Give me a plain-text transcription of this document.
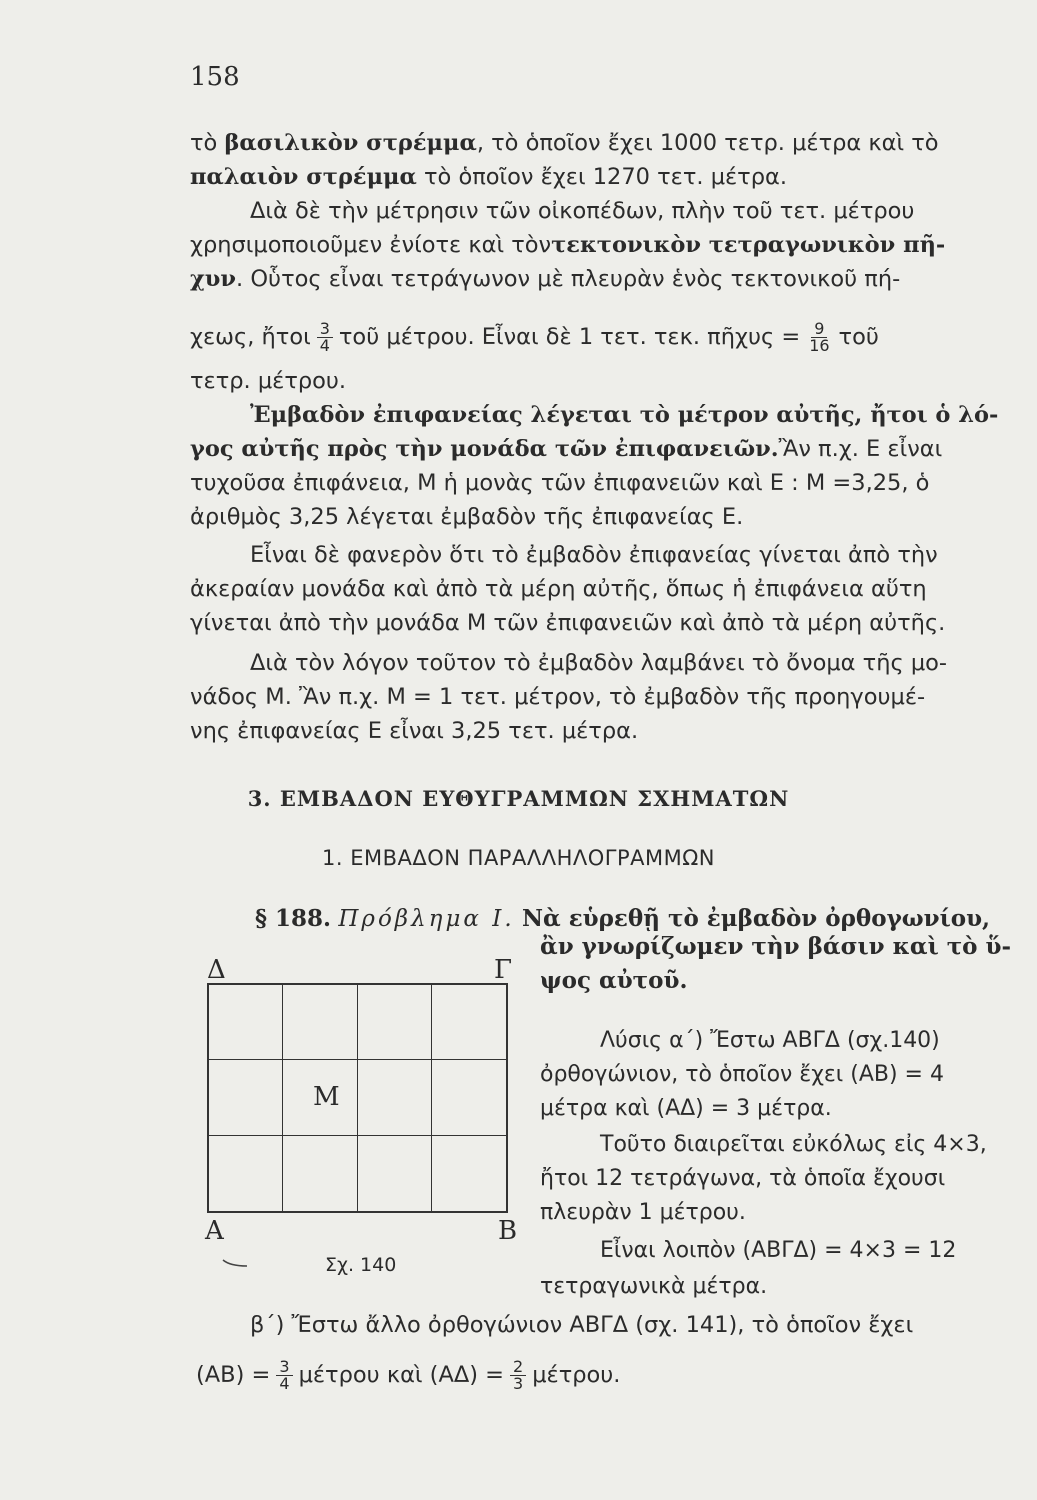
158
τὸ
βασιλικὸν στρέμμα , τὸ ὁποῖον ἔχει 1000 τετρ. μέτρα καὶ τὸ
παλαιὸν στρέμμα
τὸ ὁποῖον ἔχει 1270 τετ. μέτρα.
Διὰ δὲ τὴν μέτρησιν τῶν οἰκοπέδων, πλὴν τοῦ τετ. μέτρου
χρησιμοποιοῦμεν ἐνίοτε καὶ τὸν τεκτονικὸν τετραγωνικὸν πῆ-
χυν . Οὗτος εἶναι τετράγωνον μὲ πλευρὰν ἑνὸς τεκτονικοῦ πή-
χεως, ἤτοι $\frac{3}{4}$ τοῦ μέτρου. Εἶναι δὲ 1 τετ. τεκ. πῆχυς = $\frac{9}{16}$ τοῦ
τετρ. μέτρου.
Ἐμβαδὸν ἐπιφανείας λέγεται τὸ μέτρον αὐτῆς, ἤτοι ὁ λό-
γος αὐτῆς πρὸς τὴν μονάδα τῶν ἐπιφανειῶν. Ἂν π.χ. Ε εἶναι
τυχοῦσα ἐπιφάνεια, Μ ἡ μονὰς τῶν ἐπιφανειῶν καὶ Ε : Μ =3,25, ὁ
ἀριθμὸς 3,25 λέγεται ἐμβαδὸν τῆς ἐπιφανείας Ε.
Εἶναι δὲ φανερὸν ὅτι τὸ ἐμβαδὸν ἐπιφανείας γίνεται ἀπὸ τὴν
ἀκεραίαν μονάδα καὶ ἀπὸ τὰ μέρη αὐτῆς, ὅπως ἡ ἐπιφάνεια αὕτη
γίνεται ἀπὸ τὴν μονάδα Μ τῶν ἐπιφανειῶν καὶ ἀπὸ τὰ μέρη αὐτῆς.
Διὰ τὸν λόγον τοῦτον τὸ ἐμβαδὸν λαμβάνει τὸ ὄνομα τῆς μο-
νάδος Μ. Ἂν π.χ. Μ = 1 τετ. μέτρον, τὸ ἐμβαδὸν τῆς προηγουμέ-
νης ἐπιφανείας Ε εἶναι 3,25 τετ. μέτρα.
3. ΕΜΒΑΔΟΝ ΕΥΘΥΓΡΑΜΜΩΝ ΣΧΗΜΑΤΩΝ
1. ΕΜΒΑΔΟΝ ΠΑΡΑΛΛΗΛΟΓΡΑΜΜΩΝ
§ 188. Πρόβλημα Ι. Νὰ εὑρεθῇ τὸ ἐμβαδὸν ὀρθογωνίου,
ἂν γνωρίζωμεν τὴν βάσιν καὶ τὸ ὕ-
ψος αὐτοῦ.
Δ	Γ
Μ
Α	Β
Σχ. 140
Λύσις α΄) Ἔστω ΑΒΓΔ (σχ.140)
ὀρθογώνιον, τὸ ὁποῖον ἔχει (ΑΒ) = 4
μέτρα καὶ (ΑΔ) = 3 μέτρα.
Τοῦτο διαιρεῖται εὐκόλως εἰς 4×3,
ἤτοι 12 τετράγωνα, τὰ ὁποῖα ἔχουσι
πλευρὰν 1 μέτρου.
Εἶναι λοιπὸν (ΑΒΓΔ) = 4×3 = 12
τετραγωνικὰ μέτρα.
β΄) Ἔστω ἄλλο ὀρθογώνιον ΑΒΓΔ (σχ. 141), τὸ ὁποῖον ἔχει
$(AB) = \frac{3}{4}$ μέτρου καὶ $(A\Delta) = \frac{2}{3} \mu έ\tau\rho o\upsilon$.
